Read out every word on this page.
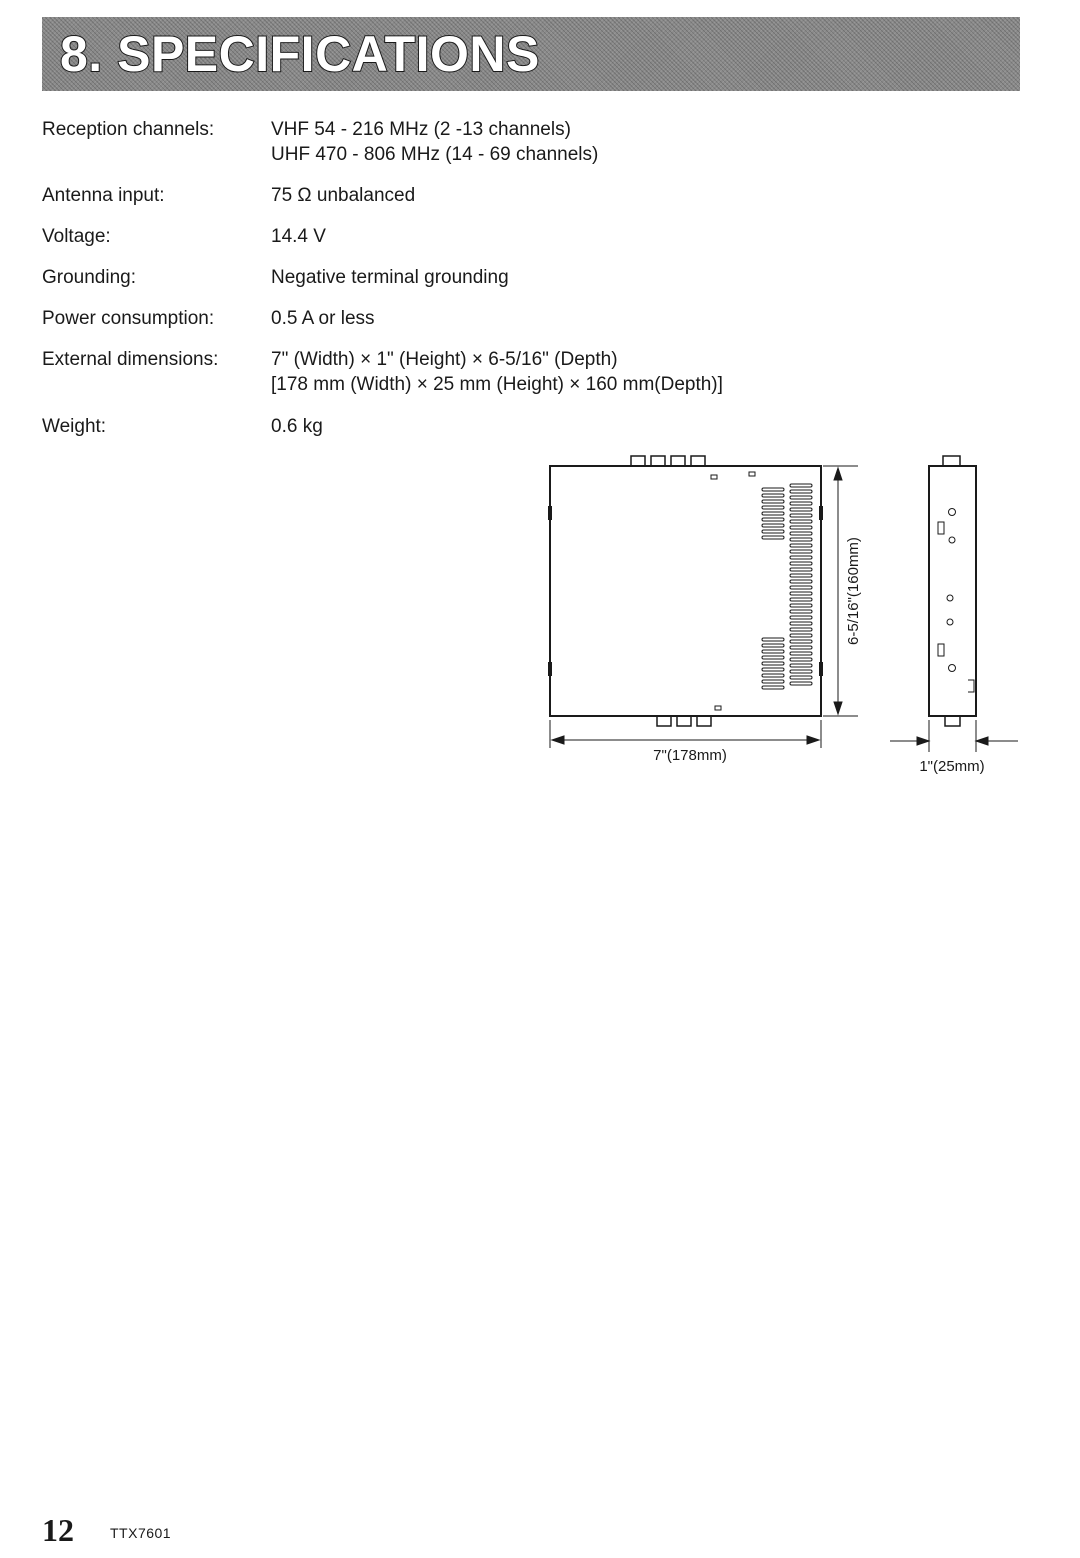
8. SPECIFICATIONS
Reception channels:	VHF 54 - 216 MHz (2 -13 channels)
UHF 470 - 806 MHz (14 - 69 channels)
Antenna input:	75 Ω unbalanced
Voltage:	14.4 V
Grounding:	Negative terminal grounding
Power consumption:	0.5 A or less
External dimensions:	7" (Width) × 1" (Height) × 6-5/16" (Depth)
[178 mm (Width) × 25 mm (Height) × 160 mm(Depth)]
Weight:	0.6 kg
6-5/16"(160mm)
7"(178mm)
1"(25mm)
12	TTX7601
